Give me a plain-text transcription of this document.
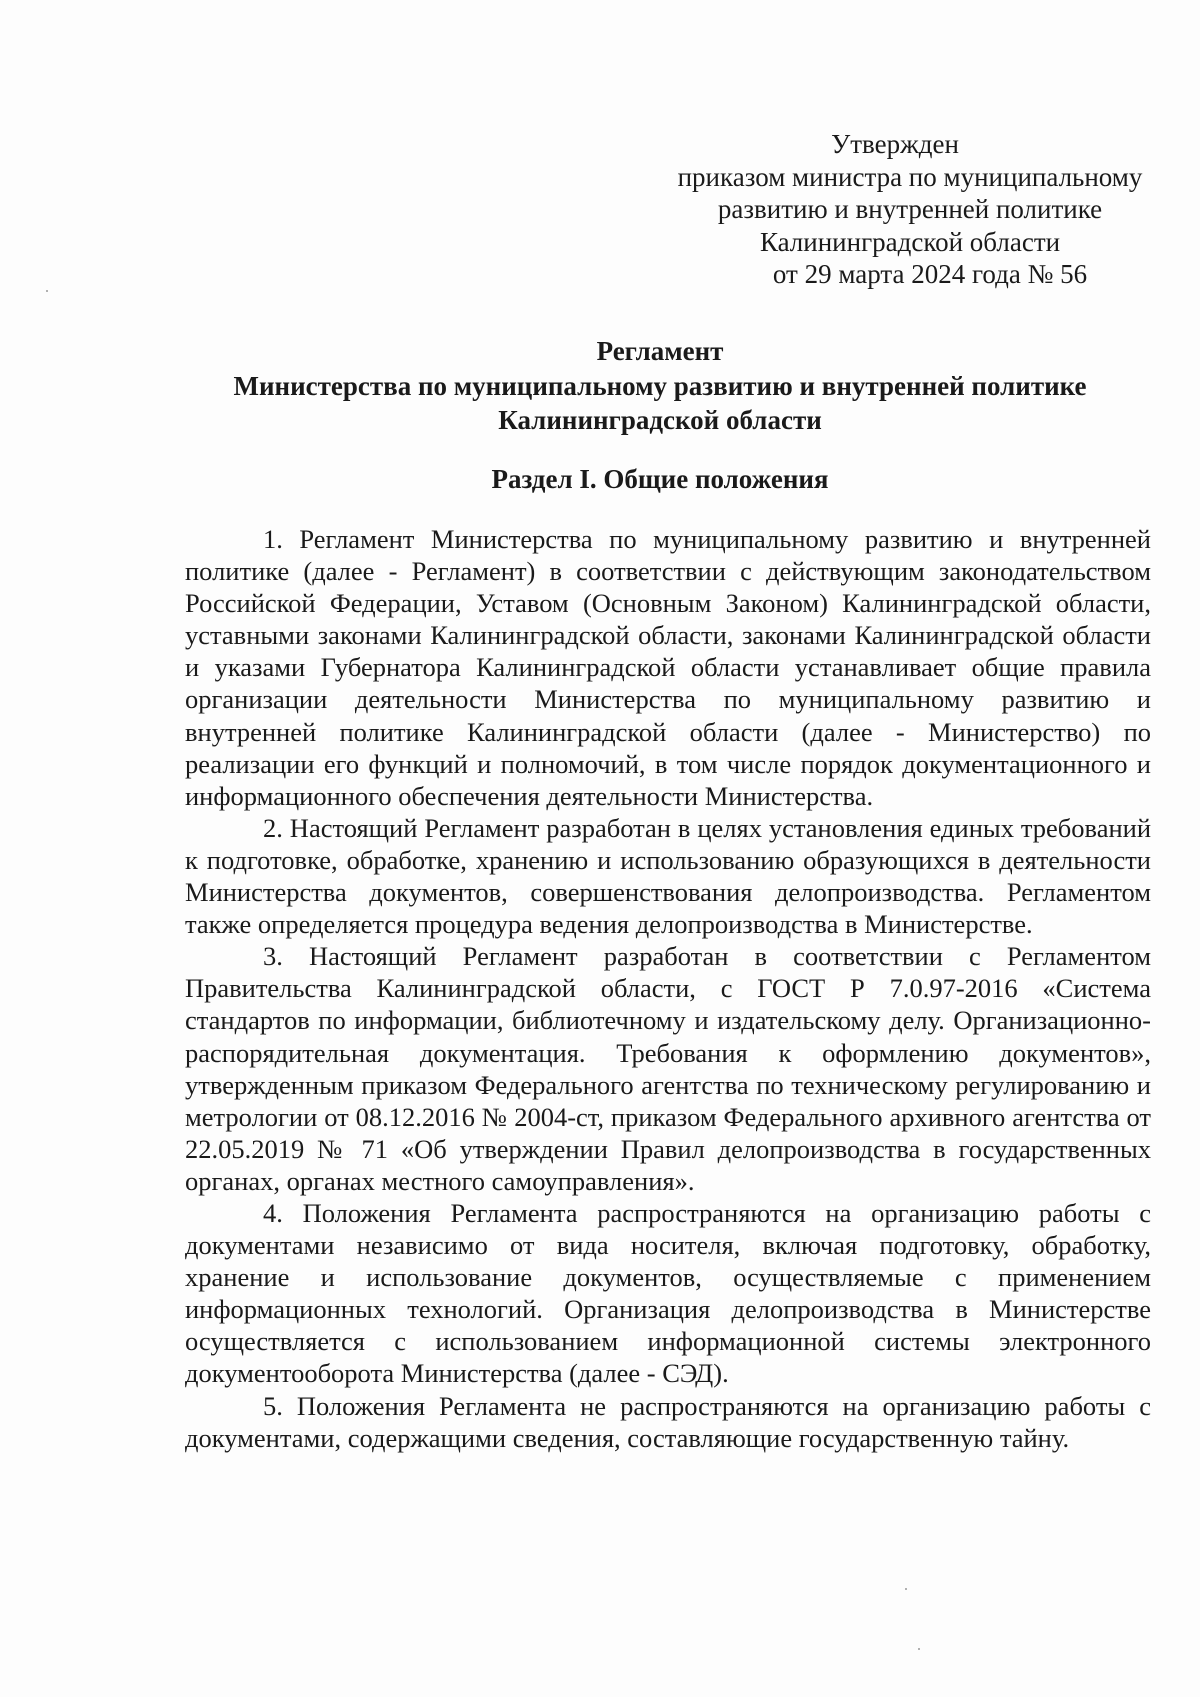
Утвержден
приказом министра по муниципальному
развитию и внутренней политике
Калининградской области
от 29 марта 2024 года № 56
Регламент
Министерства по муниципальному развитию и внутренней политике
Калининградской области
Раздел I. Общие положения

1. Регламент Министерства по муниципальному развитию и внутренней политике (далее - Регламент) в соответствии с действующим законодательством Российской Федерации, Уставом (Основным Законом) Калининградской области, уставными законами Калининградской области, законами Калининградской области и указами Губернатора Калининградской области устанавливает общие правила организации деятельности Министерства по муниципальному развитию и внутренней политике Калининградской области (далее - Министерство) по реализации его функций и полномочий, в том числе порядок документационного и информационного обеспечения деятельности Министерства.

2. Настоящий Регламент разработан в целях установления единых требований к подготовке, обработке, хранению и использованию образующихся в деятельности Министерства документов, совершенствования делопроизводства. Регламентом также определяется процедура ведения делопроизводства в Министерстве.

3. Настоящий Регламент разработан в соответствии с Регламентом Правительства Калининградской области, с ГОСТ Р 7.0.97-2016 «Система стандартов по информации, библиотечному и издательскому делу. Организационно-распорядительная документация. Требования к оформлению документов», утвержденным приказом Федерального агентства по техническому регулированию и метрологии от 08.12.2016 № 2004-ст, приказом Федерального архивного агентства от 22.05.2019 № 71 «Об утверждении Правил делопроизводства в государственных органах, органах местного самоуправления».

4. Положения Регламента распространяются на организацию работы с документами независимо от вида носителя, включая подготовку, обработку, хранение и использование документов, осуществляемые с применением информационных технологий. Организация делопроизводства в Министерстве осуществляется с использованием информационной системы электронного документооборота Министерства (далее - СЭД).

5. Положения Регламента не распространяются на организацию работы с документами, содержащими сведения, составляющие государственную тайну.
